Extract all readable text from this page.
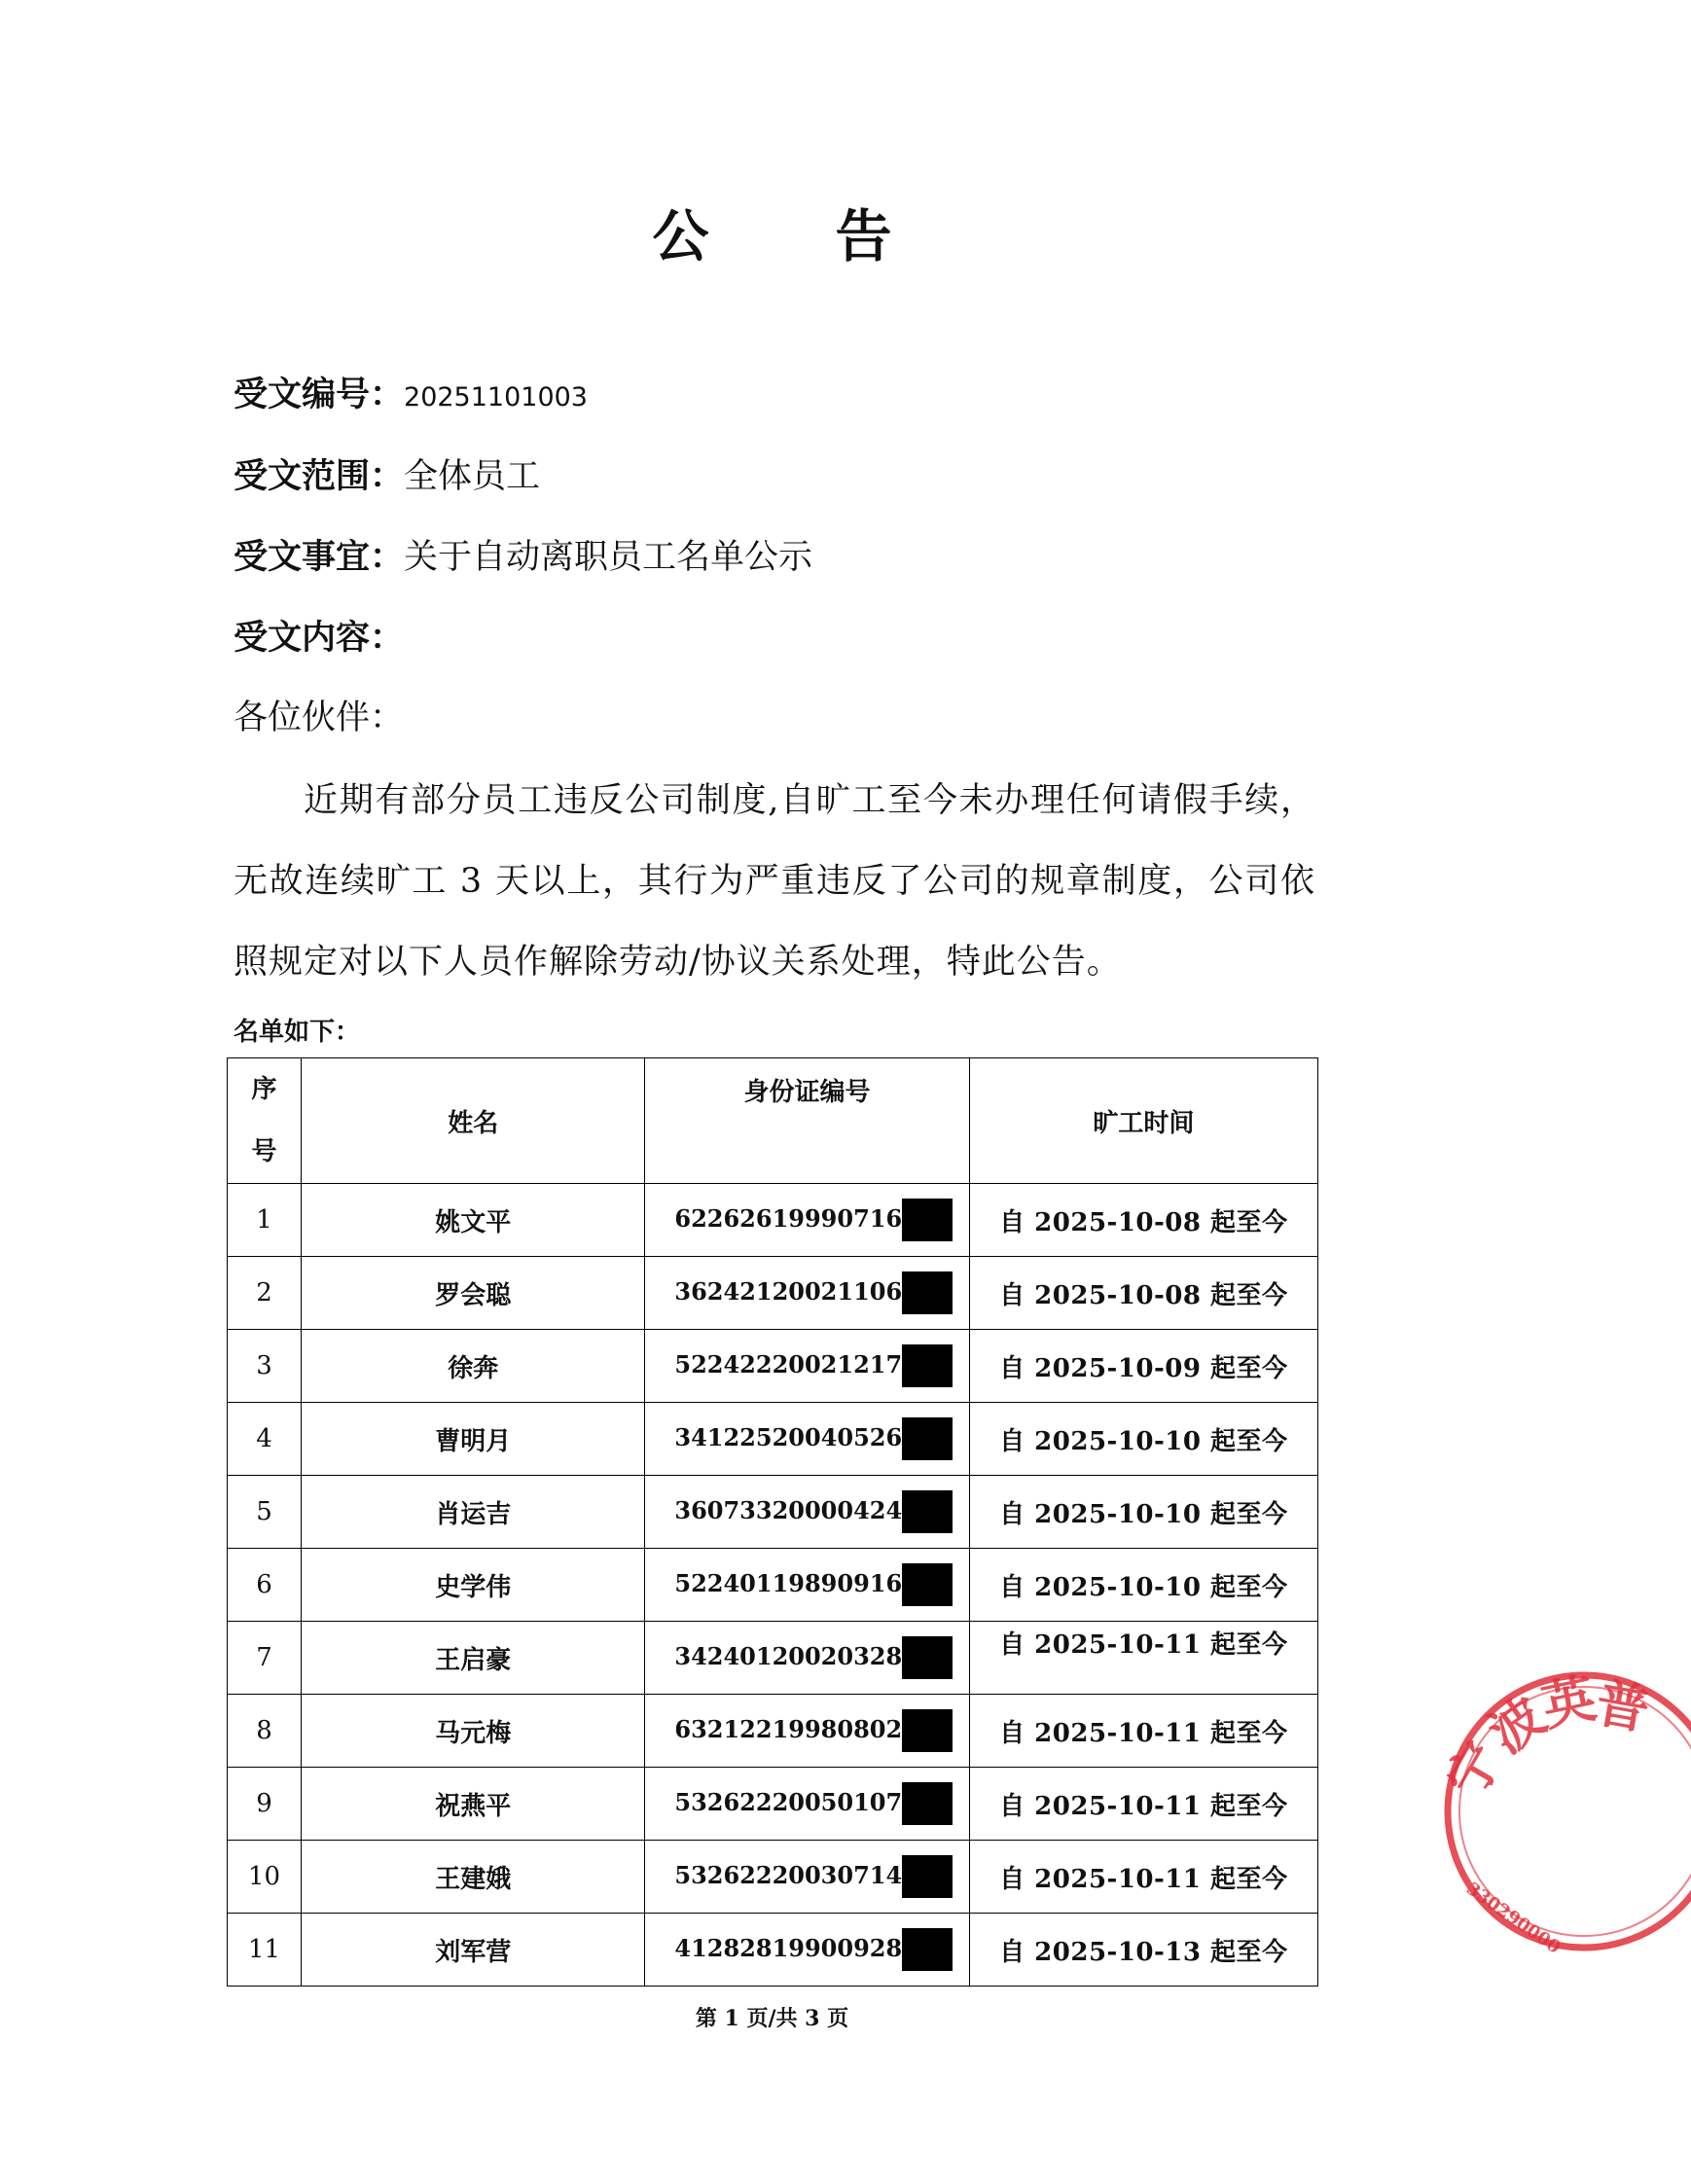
公　告
受文编号：20251101003
受文范围：全体员工
受文事宜：关于自动离职员工名单公示
受文内容：
各位伙伴：
近期有部分员工违反公司制度,自旷工至今未办理任何请假手续，无故连续旷工 3 天以上，其行为严重违反了公司的规章制度，公司依照规定对以下人员作解除劳动/协议关系处理，特此公告。
名单如下：
序
号	姓名	身份证编号	旷工时间
1	姚文平	62262619990716	自 2025-10-08 起至今
2	罗会聪	36242120021106	自 2025-10-08 起至今
3	徐奔	52242220021217	自 2025-10-09 起至今
4	曹明月	34122520040526	自 2025-10-10 起至今
5	肖运吉	36073320000424	自 2025-10-10 起至今
6	史学伟	52240119890916	自 2025-10-10 起至今
7	王启豪	34240120020328	自 2025-10-11 起至今
8	马元梅	63212219980802	自 2025-10-11 起至今
9	祝燕平	53262220050107	自 2025-10-11 起至今
10	王建娥	53262220030714	自 2025-10-11 起至今
11	刘军营	41282819900928	自 2025-10-13 起至今
第 1 页/共 3 页
宁
波
英
普
330290000
